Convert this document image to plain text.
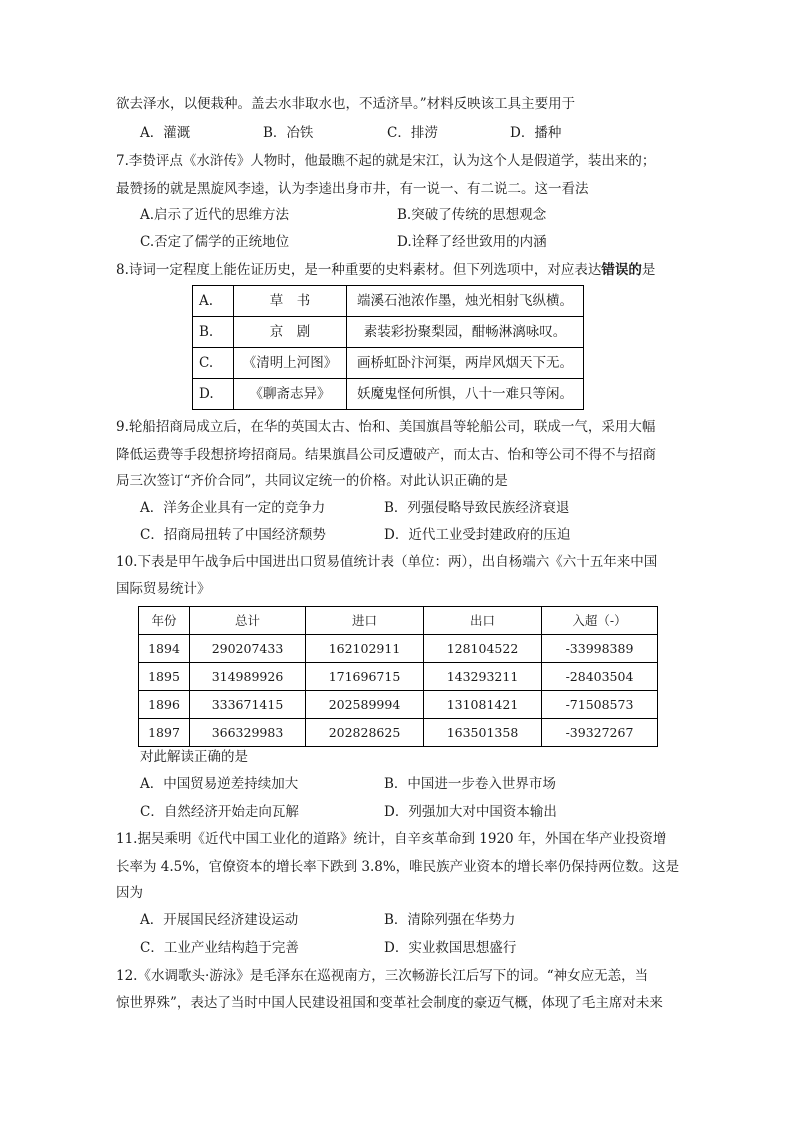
欲去泽水，以便栽种。盖去水非取水也，不适济旱。”材料反映该工具主要用于
A．灌溉	B．冶铁	C．排涝	D．播种
7.李贽评点《水浒传》人物时，他最瞧不起的就是宋江，认为这个人是假道学，装出来的；
最赞扬的就是黑旋风李逵，认为李逵出身市井，有一说一、有二说二。这一看法
A.启示了近代的思维方法	B.突破了传统的思想观念
C.否定了儒学的正统地位	D.诠释了经世致用的内涵
8.诗词一定程度上能佐证历史，是一种重要的史料素材。但下列选项中，对应表达错误的是
A.	草　书	端溪石池浓作墨，烛光相射飞纵横。
B.	京　剧	素装彩扮聚梨园，酣畅淋漓咏叹。
C.	《清明上河图》	画桥虹卧汴河渠，两岸风烟天下无。
D.	《聊斋志异》	妖魔鬼怪何所惧，八十一难只等闲。
9.轮船招商局成立后，在华的英国太古、怡和、美国旗昌等轮船公司，联成一气，采用大幅
降低运费等手段想挤垮招商局。结果旗昌公司反遭破产，而太古、怡和等公司不得不与招商
局三次签订“齐价合同”，共同议定统一的价格。对此认识正确的是
A．洋务企业具有一定的竞争力	B．列强侵略导致民族经济衰退
C．招商局扭转了中国经济颓势	D．近代工业受封建政府的压迫
10.下表是甲午战争后中国进出口贸易值统计表（单位：两），出自杨端六《六十五年来中国
国际贸易统计》
年份	总计	进口	出口	入超（-）
1894	290207433	162102911	128104522	-33998389
1895	314989926	171696715	143293211	-28403504
1896	333671415	202589994	131081421	-71508573
1897	366329983	202828625	163501358	-39327267
对此解读正确的是
A．中国贸易逆差持续加大	B．中国进一步卷入世界市场
C．自然经济开始走向瓦解	D．列强加大对中国资本输出
11.据吴乘明《近代中国工业化的道路》统计，自辛亥革命到 1920 年，外国在华产业投资增
长率为 4.5%，官僚资本的增长率下跌到 3.8%，唯民族产业资本的增长率仍保持两位数。这是
因为
A．开展国民经济建设运动	B．清除列强在华势力
C．工业产业结构趋于完善	D．实业救国思想盛行
12.《水调歌头·游泳》是毛泽东在巡视南方，三次畅游长江后写下的词。“神女应无恙，当
惊世界殊”，表达了当时中国人民建设祖国和变革社会制度的豪迈气概，体现了毛主席对未来
